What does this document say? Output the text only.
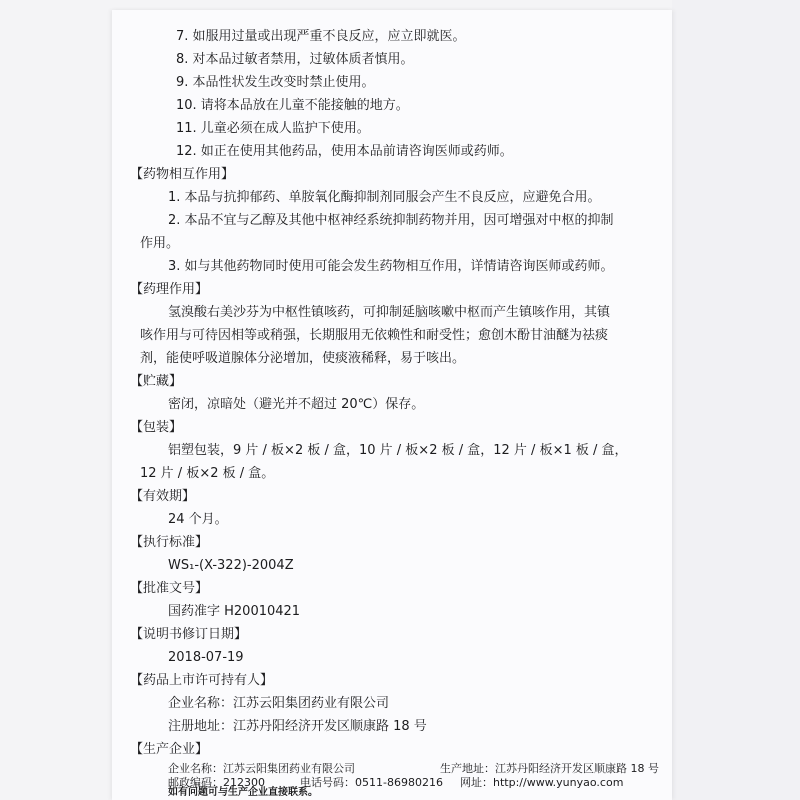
7. 如服用过量或出现严重不良反应，应立即就医。
8. 对本品过敏者禁用，过敏体质者慎用。
9. 本品性状发生改变时禁止使用。
10. 请将本品放在儿童不能接触的地方。
11. 儿童必须在成人监护下使用。
12. 如正在使用其他药品，使用本品前请咨询医师或药师。
【药物相互作用】
1. 本品与抗抑郁药、单胺氧化酶抑制剂同服会产生不良反应，应避免合用。
2. 本品不宜与乙醇及其他中枢神经系统抑制药物并用，因可增强对中枢的抑制
作用。
3. 如与其他药物同时使用可能会发生药物相互作用，详情请咨询医师或药师。
【药理作用】
氢溴酸右美沙芬为中枢性镇咳药，可抑制延脑咳嗽中枢而产生镇咳作用，其镇
咳作用与可待因相等或稍强，长期服用无依赖性和耐受性；愈创木酚甘油醚为祛痰
剂，能使呼吸道腺体分泌增加，使痰液稀释，易于咳出。
【贮藏】
密闭，凉暗处（避光并不超过 20℃）保存。
【包装】
铝塑包装，9 片 / 板×2 板 / 盒，10 片 / 板×2 板 / 盒，12 片 / 板×1 板 / 盒，
12 片 / 板×2 板 / 盒。
【有效期】
24 个月。
【执行标准】
WS₁-(X-322)-2004Z
【批准文号】
国药准字 H20010421
【说明书修订日期】
2018-07-19
【药品上市许可持有人】
企业名称：江苏云阳集团药业有限公司
注册地址：江苏丹阳经济开发区顺康路 18 号
【生产企业】
企业名称：江苏云阳集团药业有限公司	生产地址：江苏丹阳经济开发区顺康路 18 号
邮政编码：212300	电话号码：0511-86980216 网址：http://www.yunyao.com
如有问题可与生产企业直接联系。
